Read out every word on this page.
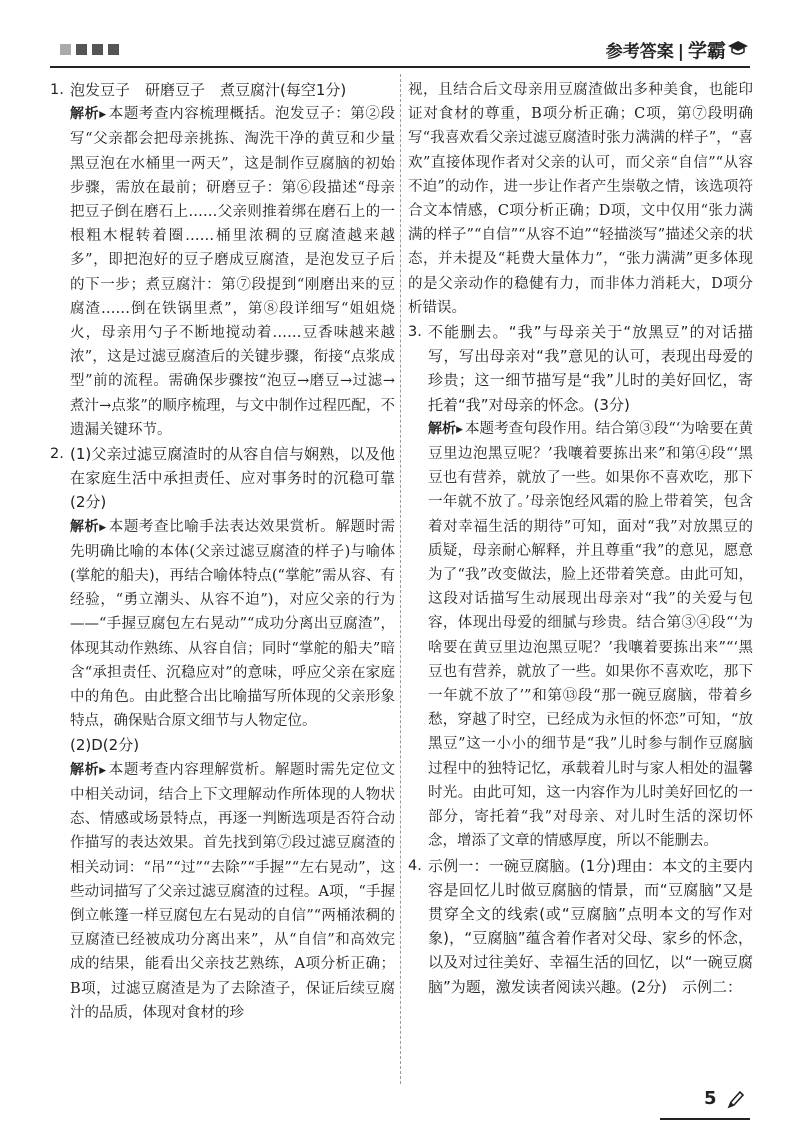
参考答案 | 学霸
1. 泡发豆子　研磨豆子　煮豆腐汁(每空1分)

解析▶ 本题考查内容梳理概括。泡发豆子：第②段写“父亲都会把母亲挑拣、淘洗干净的黄豆和少量黑豆泡在水桶里一两天”，这是制作豆腐脑的初始步骤，需放在最前；研磨豆子：第⑥段描述“母亲把豆子倒在磨石上……父亲则推着绑在磨石上的一根粗木棍转着圈……桶里浓稠的豆腐渣越来越多”，即把泡好的豆子磨成豆腐渣，是泡发豆子后的下一步；煮豆腐汁：第⑦段提到“刚磨出来的豆腐渣……倒在铁锅里煮”，第⑧段详细写“姐姐烧火，母亲用勺子不断地搅动着……豆香味越来越浓”，这是过滤豆腐渣后的关键步骤，衔接“点浆成型”前的流程。需确保步骤按“泡豆→磨豆→过滤→煮汁→点浆”的顺序梳理，与文中制作过程匹配，不遗漏关键环节。

2. (1)父亲过滤豆腐渣时的从容自信与娴熟，以及他在家庭生活中承担责任、应对事务时的沉稳可靠(2分)

解析▶ 本题考查比喻手法表达效果赏析。解题时需先明确比喻的本体(父亲过滤豆腐渣的样子)与喻体(掌舵的船夫)，再结合喻体特点(“掌舵”需从容、有经验，“勇立潮头、从容不迫”)，对应父亲的行为 ——“手握豆腐包左右晃动”“成功分离出豆腐渣”，体现其动作熟练、从容自信；同时“掌舵的船夫”暗含“承担责任、沉稳应对”的意味，呼应父亲在家庭中的角色。由此整合出比喻描写所体现的父亲形象特点，确保贴合原文细节与人物定位。

(2)D(2分)

解析▶ 本题考查内容理解赏析。解题时需先定位文中相关动词，结合上下文理解动作所体现的人物状态、情感或场景特点，再逐一判断选项是否符合动作描写的表达效果。首先找到第⑦段过滤豆腐渣的相关动词：“吊”“过”“去除”“手握”“左右晃动”，这些动词描写了父亲过滤豆腐渣的过程。A项，“手握倒立帐篷一样豆腐包左右晃动的自信”“两桶浓稠的豆腐渣已经被成功分离出来”，从“自信”和高效完成的结果，能看出父亲技艺熟练，A项分析正确；B项，过滤豆腐渣是为了去除渣子，保证后续豆腐汁的品质，体现对食材的珍

视，且结合后文母亲用豆腐渣做出多种美食，也能印证对食材的尊重，B项分析正确；C项，第⑦段明确写“我喜欢看父亲过滤豆腐渣时张力满满的样子”，“喜欢”直接体现作者对父亲的认可，而父亲“自信”“从容不迫”的动作，进一步让作者产生崇敬之情，该选项符合文本情感，C项分析正确；D项，文中仅用“张力满满的样子”“自信”“从容不迫”“轻描淡写”描述父亲的状态，并未提及“耗费大量体力”，“张力满满”更多体现的是父亲动作的稳健有力，而非体力消耗大，D项分析错误。

3. 不能删去。“我”与母亲关于“放黑豆”的对话描写，写出母亲对“我”意见的认可，表现出母爱的珍贵；这一细节描写是“我”儿时的美好回忆，寄托着“我”对母亲的怀念。(3分)

解析▶ 本题考查句段作用。结合第③段“‘为啥要在黄豆里边泡黑豆呢？’我嚷着要拣出来”和第④段“‘黑豆也有营养，就放了一些。如果你不喜欢吃，那下一年就不放了。’母亲饱经风霜的脸上带着笑，包含着对幸福生活的期待”可知，面对“我”对放黑豆的质疑，母亲耐心解释，并且尊重“我”的意见，愿意为了“我”改变做法，脸上还带着笑意。由此可知，这段对话描写生动展现出母亲对“我”的关爱与包容，体现出母爱的细腻与珍贵。结合第③④段“‘为啥要在黄豆里边泡黑豆呢？’我嚷着要拣出来”“‘黑豆也有营养，就放了一些。如果你不喜欢吃，那下一年就不放了’”和第⑬段“那一碗豆腐脑，带着乡愁，穿越了时空，已经成为永恒的怀恋”可知，“放黑豆”这一小小的细节是“我”儿时参与制作豆腐脑过程中的独特记忆，承载着儿时与家人相处的温馨时光。由此可知，这一内容作为儿时美好回忆的一部分，寄托着“我”对母亲、对儿时生活的深切怀念，增添了文章的情感厚度，所以不能删去。

4. 示例一：一碗豆腐脑。(1分)理由：本文的主要内容是回忆儿时做豆腐脑的情景，而“豆腐脑”又是贯穿全文的线索(或“豆腐脑”点明本文的写作对象)，“豆腐脑”蕴含着作者对父母、家乡的怀念，以及对过往美好、幸福生活的回忆，以“一碗豆腐脑”为题，激发读者阅读兴趣。(2分)　示例二：

5
